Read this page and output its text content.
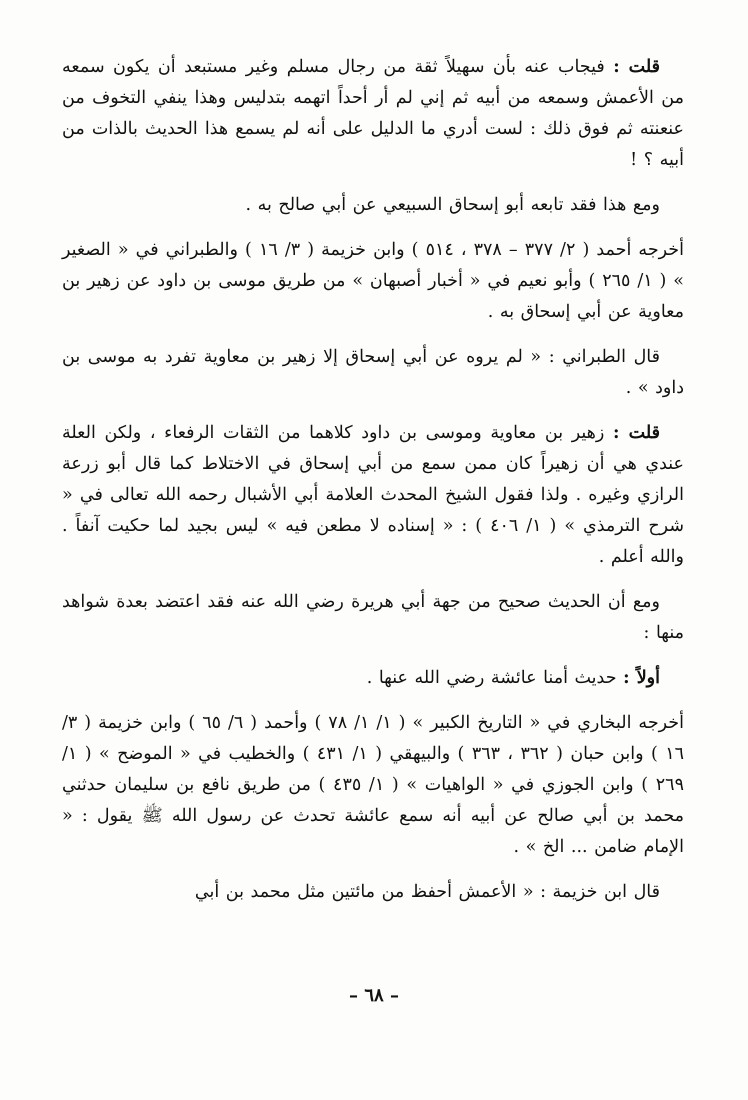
قلت : فيجاب عنه بأن سهيلاً ثقة من رجال مسلم وغير مستبعد أن يكون سمعه من الأعمش وسمعه من أبيه ثم إني لم أر أحداً اتهمه بتدليس وهذا ينفي التخوف من عنعنته ثم فوق ذلك : لست أدري ما الدليل على أنه لم يسمع هذا الحديث بالذات من أبيه ؟ !

ومع هذا فقد تابعه أبو إسحاق السبيعي عن أبي صالح به .

أخرجه أحمد ( ٢/ ٣٧٧ – ٣٧٨ ، ٥١٤ ) وابن خزيمة ( ٣/ ١٦ ) والطبراني في « الصغير » ( ١/ ٢٦٥ ) وأبو نعيم في « أخبار أصبهان » من طريق موسى بن داود عن زهير بن معاوية عن أبي إسحاق به .

قال الطبراني : « لم يروه عن أبي إسحاق إلا زهير بن معاوية تفرد به موسى بن داود » .

قلت : زهير بن معاوية وموسى بن داود كلاهما من الثقات الرفعاء ، ولكن العلة عندي هي أن زهيراً كان ممن سمع من أبي إسحاق في الاختلاط كما قال أبو زرعة الرازي وغيره . ولذا فقول الشيخ المحدث العلامة أبي الأشبال رحمه الله تعالى في « شرح الترمذي » ( ١/ ٤٠٦ ) : « إسناده لا مطعن فيه » ليس بجيد لما حكيت آنفاً . والله أعلم .

ومع أن الحديث صحيح من جهة أبي هريرة رضي الله عنه فقد اعتضد بعدة شواهد منها :

أولاً : حديث أمنا عائشة رضي الله عنها .

أخرجه البخاري في « التاريخ الكبير » ( ١/ ١/ ٧٨ ) وأحمد ( ٦/ ٦٥ ) وابن خزيمة ( ٣/ ١٦ ) وابن حبان ( ٣٦٢ ، ٣٦٣ ) والبيهقي ( ١/ ٤٣١ ) والخطيب في « الموضح » ( ١/ ٢٦٩ ) وابن الجوزي في « الواهيات » ( ١/ ٤٣٥ ) من طريق نافع بن سليمان حدثني محمد بن أبي صالح عن أبيه أنه سمع عائشة تحدث عن رسول الله ﷺ يقول : « الإمام ضامن ... الخ » .

قال ابن خزيمة : « الأعمش أحفظ من مائتين مثل محمد بن أبي

– ٦٨ –
